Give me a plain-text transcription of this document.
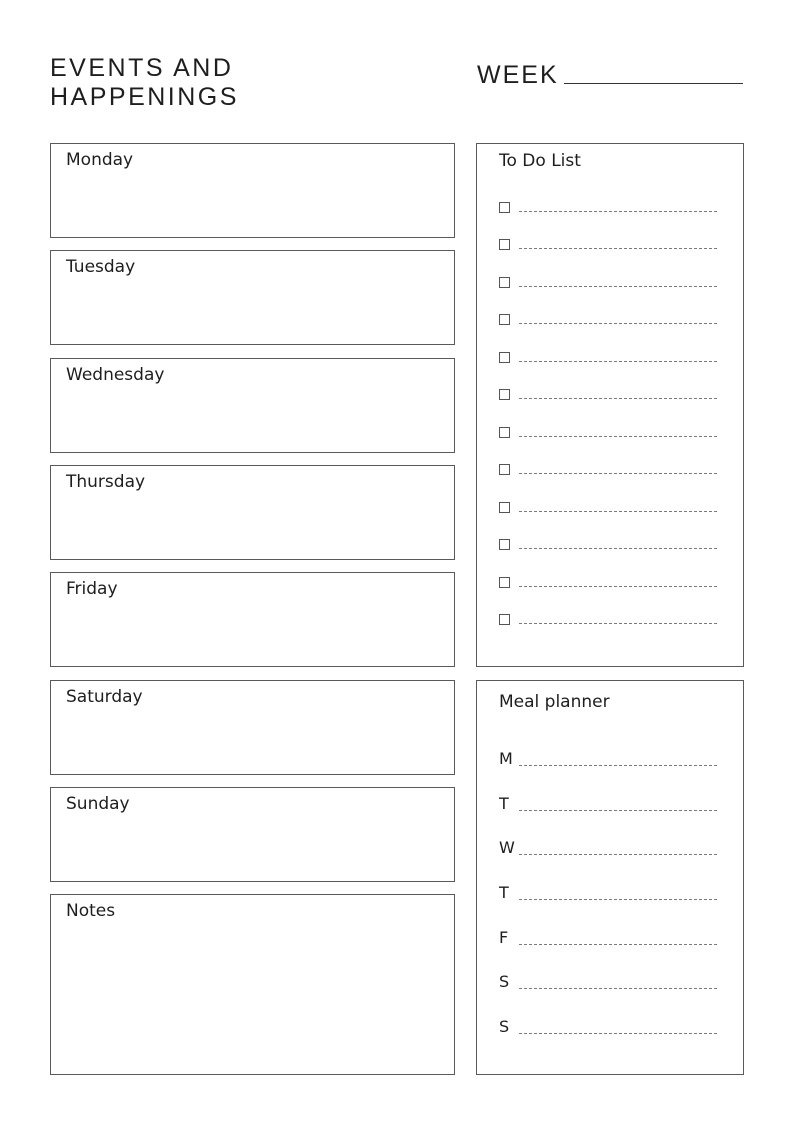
EVENTS AND
HAPPENINGS
WEEK
Monday
Tuesday
Wednesday
Thursday
Friday
Saturday
Sunday
Notes
To Do List
Meal planner
M
T
W
T
F
S
S
